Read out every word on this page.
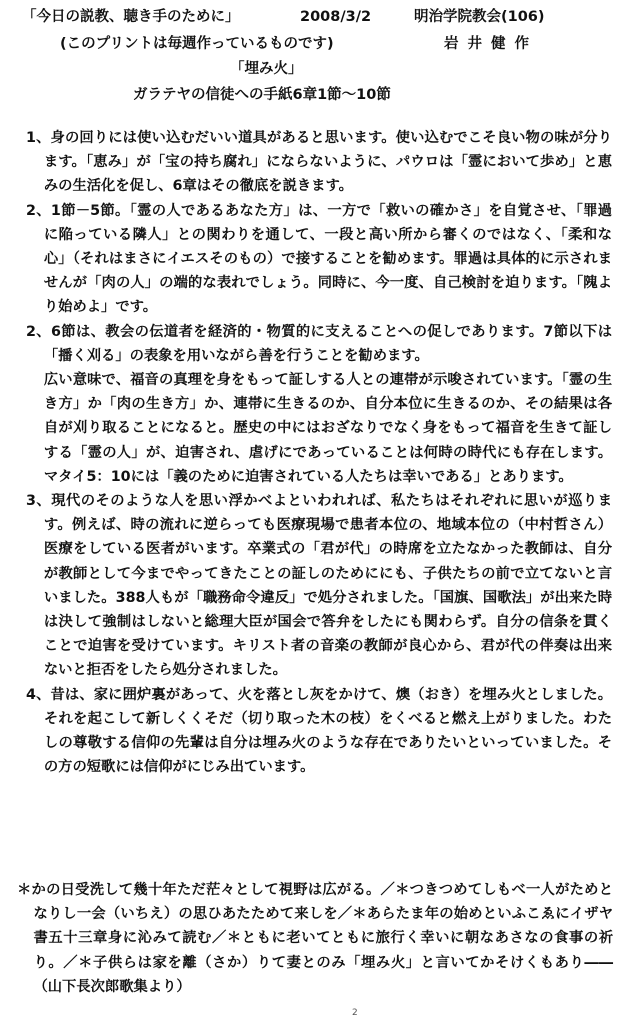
「今日の説教、聴き手のために」	2008/3/2	明治学院教会(106)
(このプリントは毎週作っているものです)	岩井健作
「埋み火」
ガラテヤの信徒への手紙6章1節～10節

1、身の回りには使い込むだいい道具があると思います。使い込むでこそ良い物の味が分ります。「恵み」が「宝の持ち腐れ」にならないように、パウロは「霊において歩め」と恵みの生活化を促し、6章はその徹底を説きます。

2、1節－5節。「霊の人であるあなた方」は、一方で「救いの確かさ」を自覚させ、「罪過に陥っている隣人」との関わりを通して、一段と高い所から審くのではなく、「柔和な心」（それはまさにイエスそのもの）で接することを勧めます。罪過は具体的に示されませんが「肉の人」の端的な表れでしょう。同時に、今一度、自己検討を迫ります。「隗より始めよ」です。

2、6節は、教会の伝道者を経済的・物質的に支えることへの促しであります。7節以下は「播く刈る」の表象を用いながら善を行うことを勧めます。

広い意味で、福音の真理を身をもって証しする人との連帯が示唆されています。「霊の生き方」か「肉の生き方」か、連帯に生きるのか、自分本位に生きるのか、その結果は各自が刈り取ることになると。歴史の中にはおざなりでなく身をもって福音を生きて証しする「霊の人」が、迫害され、虐げにであっていることは何時の時代にも存在します。マタイ5：10には「義のために迫害されている人たちは幸いである」とあります。

3、現代のそのような人を思い浮かべよといわれれば、私たちはそれぞれに思いが巡ります。例えば、時の流れに逆らっても医療現場で患者本位の、地域本位の（中村哲さん）医療をしている医者がいます。卒業式の「君が代」の時席を立たなかった教師は、自分が教師として今までやってきたことの証しのためににも、子供たちの前で立てないと言いました。388人もが「職務命令違反」で処分されました。「国旗、国歌法」が出来た時は決して強制はしないと総理大臣が国会で答弁をしたにも関わらず。自分の信条を貫くことで迫害を受けています。キリスト者の音楽の教師が良心から、君が代の伴奏は出来ないと拒否をしたら処分されました。

4、昔は、家に囲炉裏があって、火を落とし灰をかけて、燠（おき）を埋み火としました。それを起こして新しくくそだ（切り取った木の枝）をくべると燃え上がりました。わたしの尊敬する信仰の先輩は自分は埋み火のような存在でありたいといっていました。その方の短歌には信仰がにじみ出ています。

＊かの日受洗して幾十年ただ茫々として視野は広がる。／＊つきつめてしもべ一人がためとなりし一会（いちえ）の思ひあたためて来しを／＊あらたま年の始めといふこゑにイザヤ書五十三章身に沁みて読む／＊ともに老いてともに旅行く幸いに朝なあさなの食事の祈り。／＊子供らは家を離（さか）りて妻とのみ「埋み火」と言いてかそけくもあり――（山下長次郎歌集より）

2
